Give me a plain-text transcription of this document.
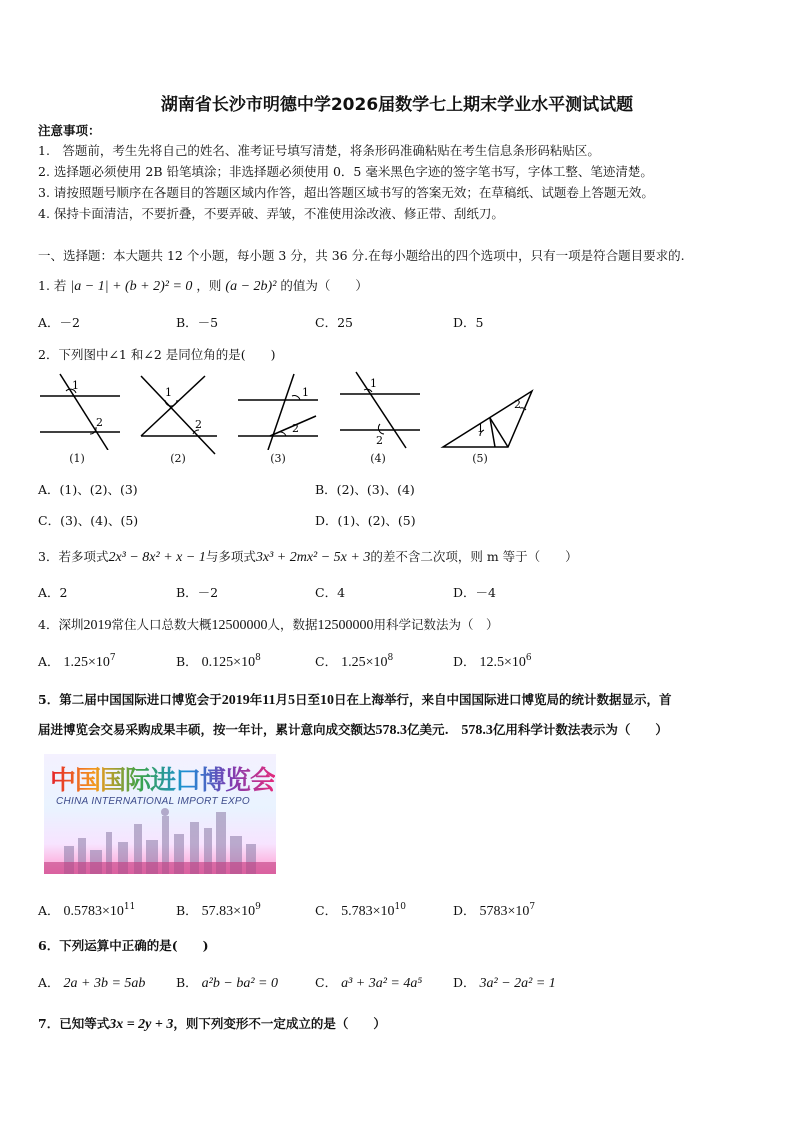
湖南省长沙市明德中学2026届数学七上期末学业水平测试试题
注意事项：
1.　答题前，考生先将自己的姓名、准考证号填写清楚，将条形码准确粘贴在考生信息条形码粘贴区。
2. 选择题必须使用 2B 铅笔填涂；非选择题必须使用 0．5 毫米黑色字迹的签字笔书写，字体工整、笔迹清楚。
3. 请按照题号顺序在各题目的答题区域内作答，超出答题区域书写的答案无效；在草稿纸、试题卷上答题无效。
4. 保持卡面清洁，不要折叠，不要弄破、弄皱，不准使用涂改液、修正带、刮纸刀。
一、选择题：本大题共 12 个小题，每小题 3 分，共 36 分.在每小题给出的四个选项中，只有一项是符合题目要求的.
1. 若 |a − 1| + (b + 2)² = 0 ，则 (a − 2b)² 的值为（　　）
A．－2	B．－5	C．25	D．5
2．下列图中∠1 和∠2 是同位角的是(　　)
1
2
(1)
1
2
(2)
1
2
(3)
1
2
(4)
1
2
(5)
A．(1)、(2)、(3)	B．(2)、(3)、(4)
C．(3)、(4)、(5)	D．(1)、(2)、(5)
3．若多项式2x³ − 8x² + x − 1与多项式3x³ + 2mx² − 5x + 3的差不含二次项，则 m 等于（　　）
A．2	B．－2	C．4	D．－4
4．深圳2019常住人口总数大概12500000人，数据12500000用科学记数法为（　）
A． $1.25\times 10^7$	B． $0.125\times 10^8$	C． $1.25\times 10^8$	D． $12.5\times 10^6$
5．第二届中国国际进口博览会于2019年11月5日至10日在上海举行，来自中国国际进口博览局的统计数据显示，首
届进博览会交易采购成果丰硕，按一年计，累计意向成交额达578.3亿美元.　578.3亿用科学计数法表示为（　　）
中国国际进口博览会
CHINA INTERNATIONAL IMPORT EXPO
A． $0.5783\times 10^{11}$	B． $57.83\times 10^9$	C． $5.783\times 10^{10}$	D． $5783\times 10^7$
6．下列运算中正确的是(　　)
A． 2a + 3b = 5ab B． a²b − ba² = 0	C． a³ + 3a² = 4a⁵ D． 3a² − 2a² = 1
7．已知等式3x = 2y + 3，则下列变形不一定成立的是（　　）
